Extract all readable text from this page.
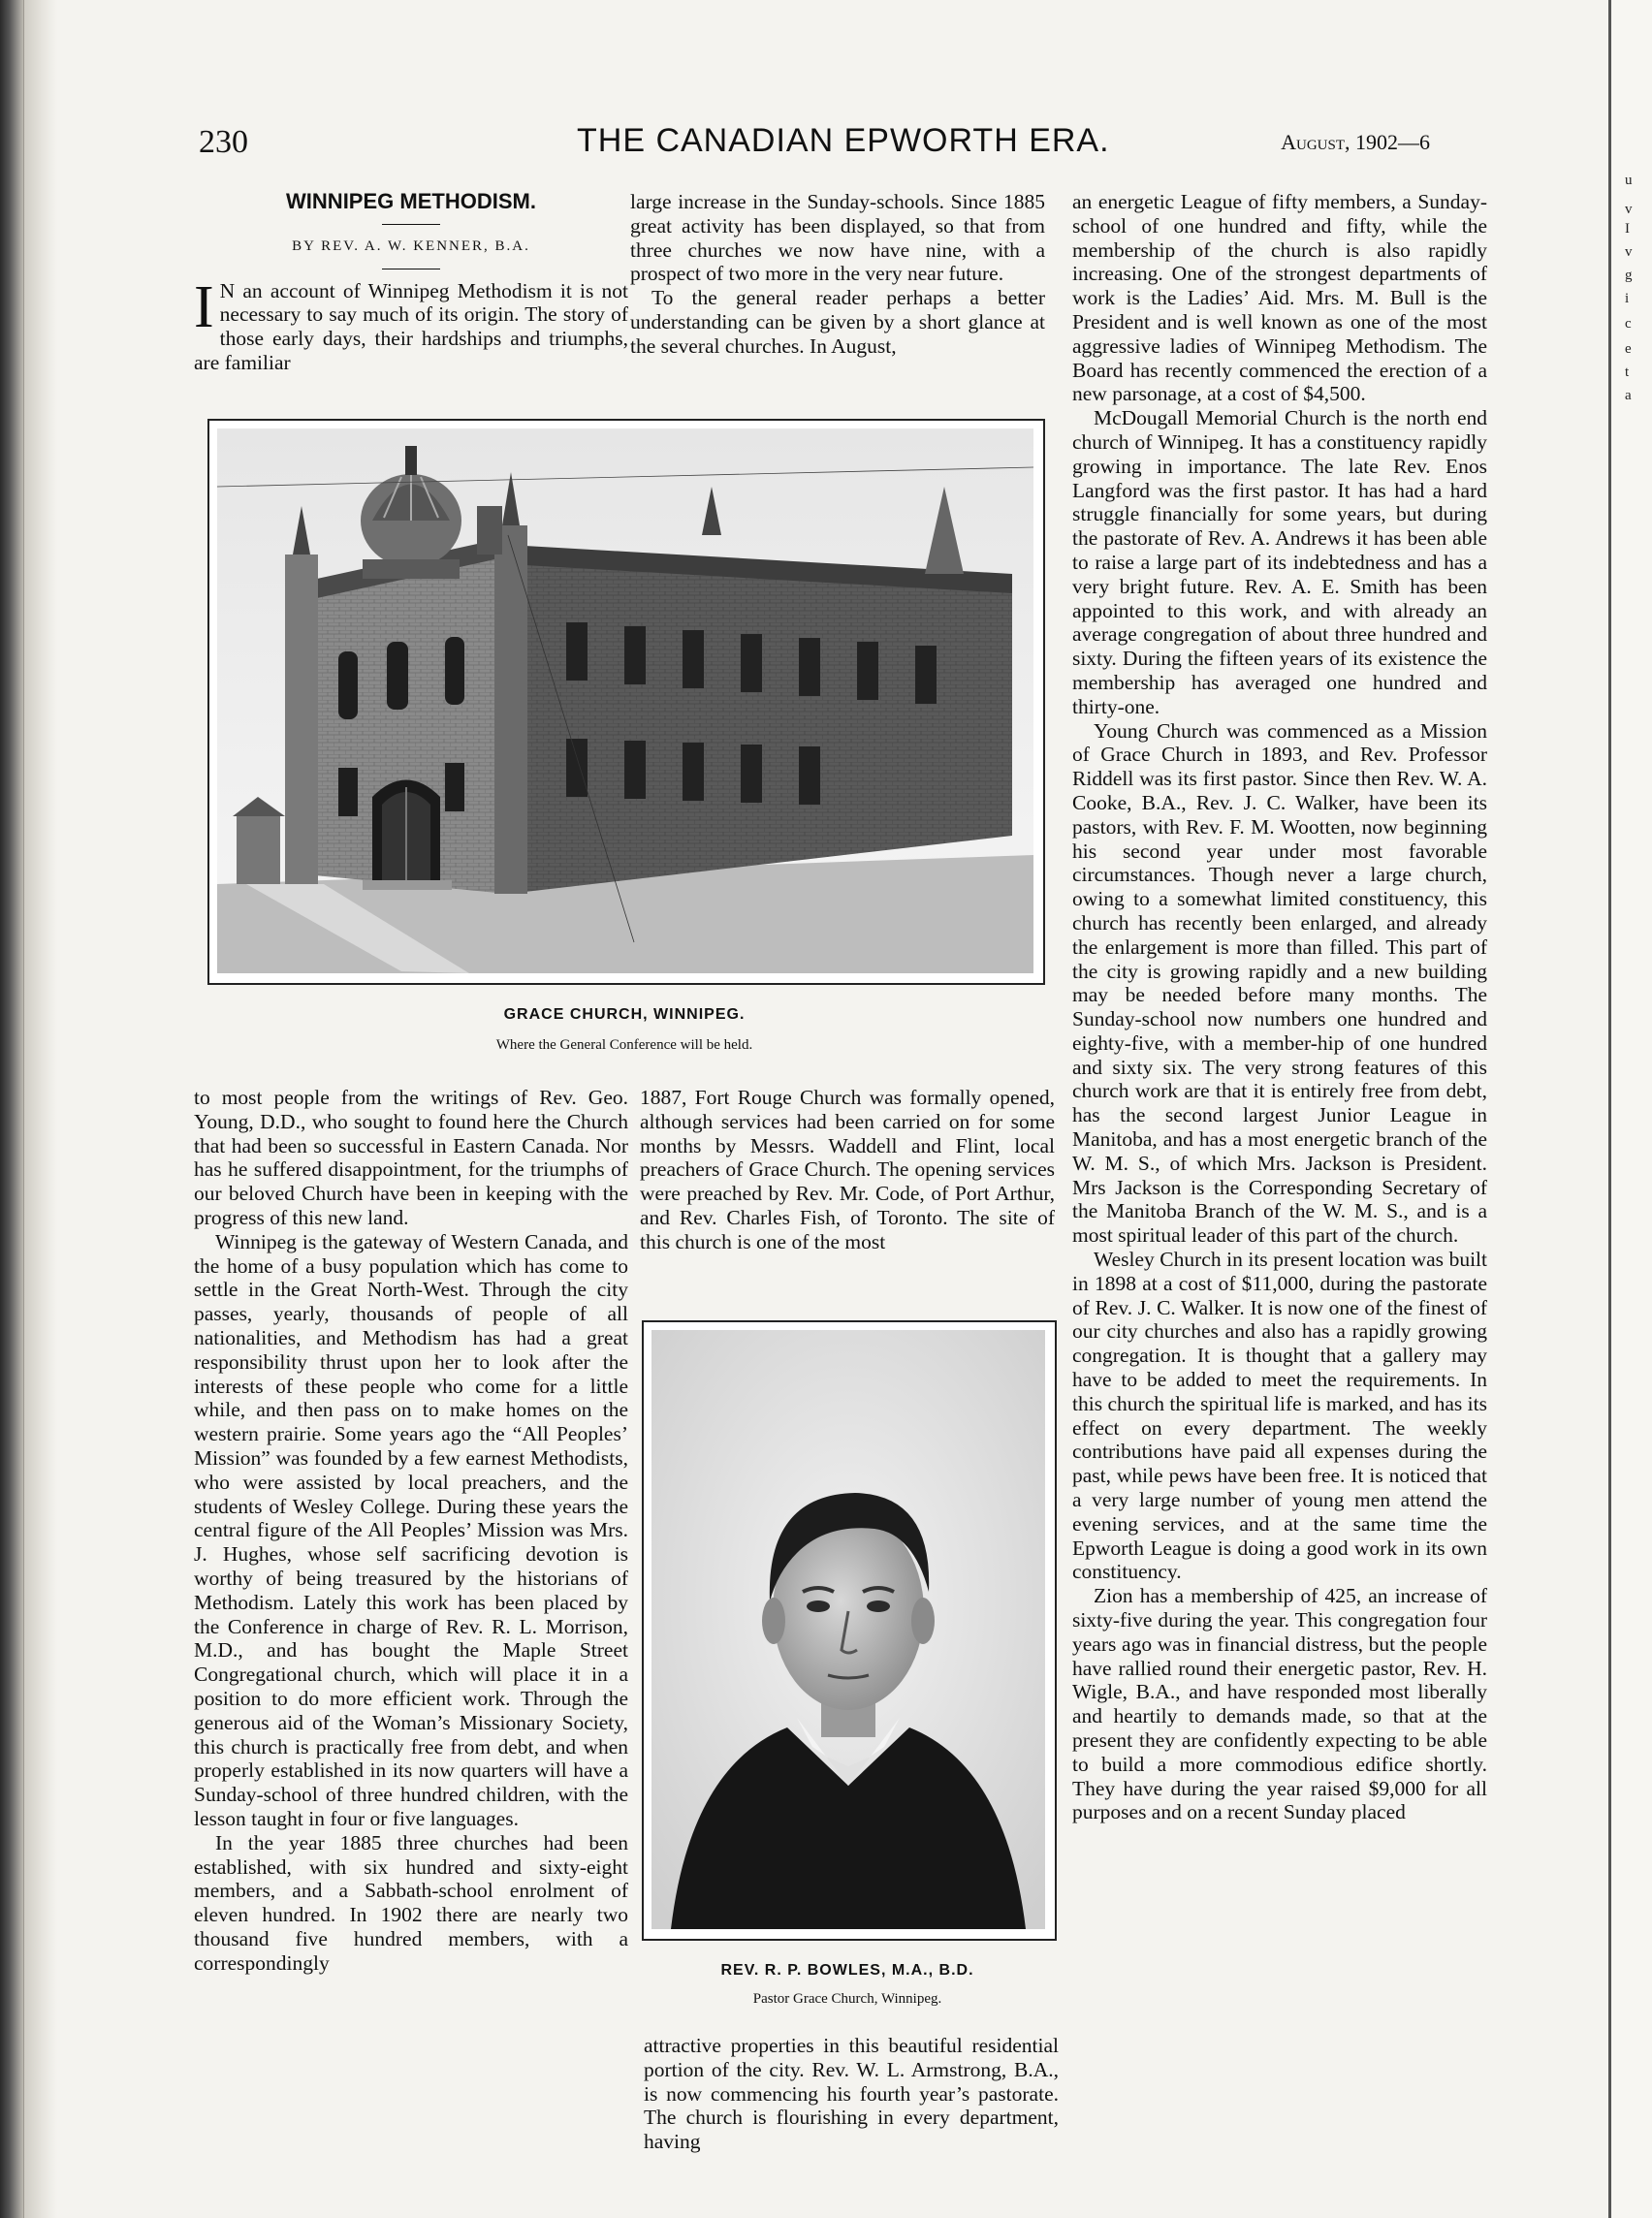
u
v
I
v
g
i
c
e
t
a
230	THE CANADIAN EPWORTH ERA.	August, 1902—6
WINNIPEG METHODISM.
BY REV. A. W. KENNER, B.A.

I N an account of Winnipeg Methodism it is not necessary to say much of its origin. The story of those early days, their hardships and triumphs, are familiar

large increase in the Sunday-schools. Since 1885 great activity has been displayed, so that from three churches we now have nine, with a prospect of two more in the very near future.

To the general reader perhaps a better understanding can be given by a short glance at the several churches. In August,

GRACE CHURCH, WINNIPEG.
Where the General Conference will be held.

to most people from the writings of Rev. Geo. Young, D.D., who sought to found here the Church that had been so successful in Eastern Canada. Nor has he suffered disappointment, for the triumphs of our beloved Church have been in keeping with the progress of this new land.

Winnipeg is the gateway of Western Canada, and the home of a busy population which has come to settle in the Great North-West. Through the city passes, yearly, thousands of people of all nationalities, and Methodism has had a great responsibility thrust upon her to look after the interests of these people who come for a little while, and then pass on to make homes on the western prairie. Some years ago the “All Peoples’ Mission” was founded by a few earnest Methodists, who were assisted by local preachers, and the students of Wesley College. During these years the central figure of the All Peoples’ Mission was Mrs. J. Hughes, whose self sacrificing devotion is worthy of being treasured by the historians of Methodism. Lately this work has been placed by the Conference in charge of Rev. R. L. Morrison, M.D., and has bought the Maple Street Congregational church, which will place it in a position to do more efficient work. Through the generous aid of the Woman’s Missionary Society, this church is practically free from debt, and when properly established in its now quarters will have a Sunday-school of three hundred children, with the lesson taught in four or five languages.

In the year 1885 three churches had been established, with six hundred and sixty-eight members, and a Sabbath-school enrolment of eleven hundred. In 1902 there are nearly two thousand five hundred members, with a correspondingly

1887, Fort Rouge Church was formally opened, although services had been carried on for some months by Messrs. Waddell and Flint, local preachers of Grace Church. The opening services were preached by Rev. Mr. Code, of Port Arthur, and Rev. Charles Fish, of Toronto. The site of this church is one of the most

REV. R. P. BOWLES, M.A., B.D.
Pastor Grace Church, Winnipeg.

attractive properties in this beautiful residential portion of the city. Rev. W. L. Armstrong, B.A., is now commencing his fourth year’s pastorate. The church is flourishing in every department, having

an energetic League of fifty members, a Sunday-school of one hundred and fifty, while the membership of the church is also rapidly increasing. One of the strongest departments of work is the Ladies’ Aid. Mrs. M. Bull is the President and is well known as one of the most aggressive ladies of Winnipeg Methodism. The Board has recently commenced the erection of a new parsonage, at a cost of $4,500.

McDougall Memorial Church is the north end church of Winnipeg. It has a constituency rapidly growing in importance. The late Rev. Enos Langford was the first pastor. It has had a hard struggle financially for some years, but during the pastorate of Rev. A. Andrews it has been able to raise a large part of its indebtedness and has a very bright future. Rev. A. E. Smith has been appointed to this work, and with already an average congregation of about three hundred and sixty. During the fifteen years of its existence the membership has averaged one hundred and thirty-one.

Young Church was commenced as a Mission of Grace Church in 1893, and Rev. Professor Riddell was its first pastor. Since then Rev. W. A. Cooke, B.A., Rev. J. C. Walker, have been its pastors, with Rev. F. M. Wootten, now beginning his second year under most favorable circumstances. Though never a large church, owing to a somewhat limited constituency, this church has recently been enlarged, and already the enlargement is more than filled. This part of the city is growing rapidly and a new building may be needed before many months. The Sunday-school now numbers one hundred and eighty-five, with a member-hip of one hundred and sixty six. The very strong features of this church work are that it is entirely free from debt, has the second largest Junior League in Manitoba, and has a most energetic branch of the W. M. S., of which Mrs. Jackson is President. Mrs Jackson is the Corresponding Secretary of the Manitoba Branch of the W. M. S., and is a most spiritual leader of this part of the church.

Wesley Church in its present location was built in 1898 at a cost of $11,000, during the pastorate of Rev. J. C. Walker. It is now one of the finest of our city churches and also has a rapidly growing congregation. It is thought that a gallery may have to be added to meet the requirements. In this church the spiritual life is marked, and has its effect on every department. The weekly contributions have paid all expenses during the past, while pews have been free. It is noticed that a very large number of young men attend the evening services, and at the same time the Epworth League is doing a good work in its own constituency.

Zion has a membership of 425, an increase of sixty-five during the year. This congregation four years ago was in financial distress, but the people have rallied round their energetic pastor, Rev. H. Wigle, B.A., and have responded most liberally and heartily to demands made, so that at the present they are confidently expecting to be able to build a more commodious edifice shortly. They have during the year raised $9,000 for all purposes and on a recent Sunday placed
